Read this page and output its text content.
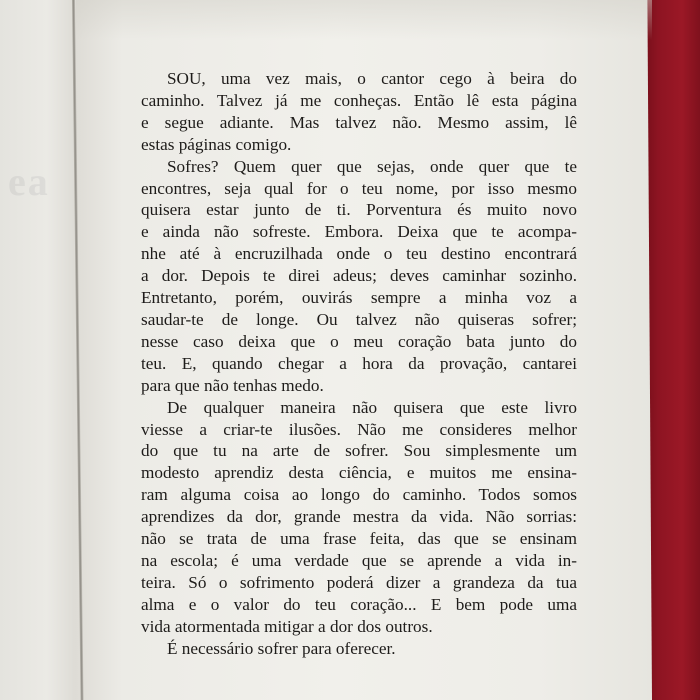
ea
SOU, uma vez mais, o cantor cego à beira do
caminho. Talvez já me conheças. Então lê esta página
e segue adiante. Mas talvez não. Mesmo assim, lê
estas páginas comigo.
Sofres? Quem quer que sejas, onde quer que te
encontres, seja qual for o teu nome, por isso mesmo
quisera estar junto de ti. Porventura és muito novo
e ainda não sofreste. Embora. Deixa que te acompa-
nhe até à encruzilhada onde o teu destino encontrará
a dor. Depois te direi adeus; deves caminhar sozinho.
Entretanto, porém, ouvirás sempre a minha voz a
saudar-te de longe. Ou talvez não quiseras sofrer;
nesse caso deixa que o meu coração bata junto do
teu. E, quando chegar a hora da provação, cantarei
para que não tenhas medo.
De qualquer maneira não quisera que este livro
viesse a criar-te ilusões. Não me consideres melhor
do que tu na arte de sofrer. Sou simplesmente um
modesto aprendiz desta ciência, e muitos me ensina-
ram alguma coisa ao longo do caminho. Todos somos
aprendizes da dor, grande mestra da vida. Não sorrias:
não se trata de uma frase feita, das que se ensinam
na escola; é uma verdade que se aprende a vida in-
teira. Só o sofrimento poderá dizer a grandeza da tua
alma e o valor do teu coração... E bem pode uma
vida atormentada mitigar a dor dos outros.
É necessário sofrer para oferecer.
